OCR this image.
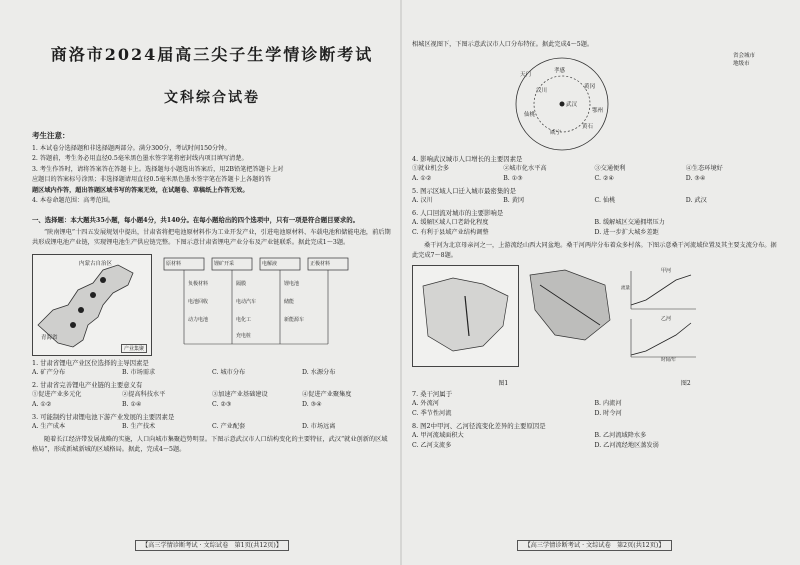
商洛市2024届高三尖子生学情诊断考试
文科综合试卷
考生注意：
1. 本试卷分选择题和非选择题两部分。满分300分，考试时间150分钟。
2. 答题前，考生务必用直径0.5毫米黑色墨水签字笔将密封线内项目填写清楚。
3. 考生作答时，请将答案答在答题卡上。选择题每小题选出答案后，用2B铅笔把答题卡上对
应题目的答案标号涂黑；非选择题请用直径0.5毫米黑色墨水签字笔在答题卡上各题的答
题区域内作答，超出答题区域书写的答案无效，在试题卷、草稿纸上作答无效。
4. 本卷命题范围：高考范围。
一、选择题：本大题共35小题，每小题4分，共140分。在每小题给出的四个选项中，只有一项是符合题目要求的。
“陕南锂电”十四五发展规划中提出，甘肃省将把电池原材料作为工业开发产业，引进电池原材料、车载电池和储能电池，前后期共形成锂电池产业链，实现锂电池生产供应链完整。下图示意甘肃省锂电产业分布及产业链联系。据此完成1～3题。
内蒙古自治区
青海省
产业集聚
原材料	锂矿开采	电解液	正极材料
负极材料	隔膜	锂电池
电池回收	电动汽车	储能
动力电池	电化工	新能源车
充电桩
1. 甘肃省锂电产业区位选择的主导因素是
A. 矿产分布	B. 市场需求	C. 城市分布	D. 水源分布
2. 甘肃省完善锂电产业链的主要意义有
①促进产业多元化	②提高科技水平	③加速产业基础建设	④促进产业聚集度
A. ①②	B. ①④	C. ②③	D. ③④
3. 可能制约甘肃锂电池下游产业发展的主要因素是
A. 生产成本	B. 生产技术	C. 产业配套	D. 市场远离
随着长江经济带发展战略的实施，人口向城市集聚趋势明显。下图示意武汉市人口结构变化的主要特征，武汉“就业创新的区域格局”，形成新城新城的区域格局。据此，完成4～5题。
【高三学情诊断考试 · 文综试卷　第1页(共12页)】
相城区视图下，下图示意武汉市人口分布特征。据此完成4～5题。
天门
孝感
汉川
黄冈
武汉
仙桃
鄂州
咸宁
黄石
省会城市
地级市
4. 影响武汉城市人口增长的主要因素是
①就业机会多	②城市化水平高	③交通便利	④生态环境好
A. ①②	B. ①③	C. ②④	D. ③④
5. 图示区域人口迁入城市最密集的是
A. 汉川	B. 黄冈	C. 仙桃	D. 武汉
6. 人口回流对城市的主要影响是
A. 缓解区域人口老龄化程度	B. 缓解城区交通拥堵压力
C. 有利于县域产业结构调整	D. 进一步扩大城乡差距
桑干河为北京母亲河之一，上游流经山西大同盆地。桑干河两岸分布着众多村落。下图示意桑干河流域位置及其主要支流分布。据此完成7～8题。
甲河
乙河
时间/年
流量
图1	图2
7. 桑干河属于
A. 外流河	B. 内流河
C. 季节性河流	D. 时令河
8. 图2中甲河、乙河径流变化差异的主要原因是
A. 甲河流域面积大	B. 乙河流域降水多
C. 乙河支流多	D. 乙河流经地区蒸发弱
【高三学情诊断考试 · 文综试卷　第2页(共12页)】
